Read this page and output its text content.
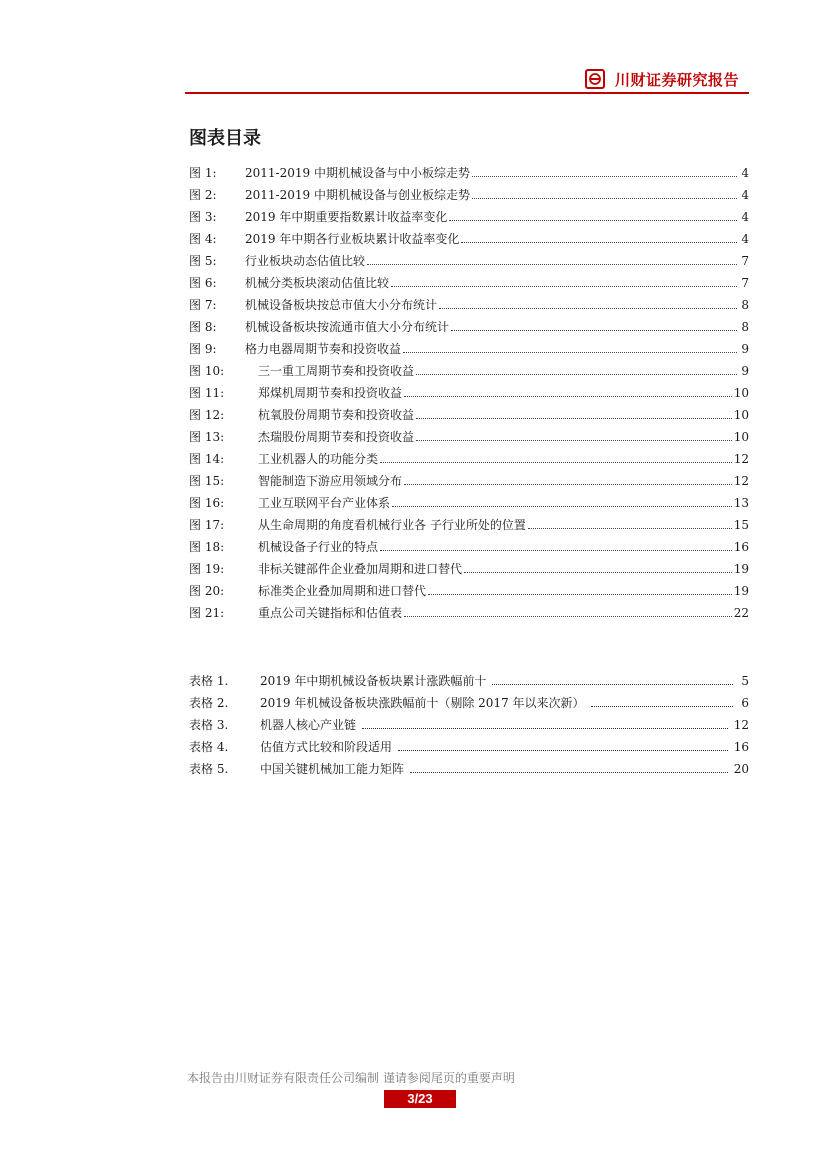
川财证券研究报告
图表目录
图 1:	2011-2019 中期机械设备与中小板综走势	4
图 2:	2011-2019 中期机械设备与创业板综走势	4
图 3:	2019 年中期重要指数累计收益率变化	4
图 4:	2019 年中期各行业板块累计收益率变化	4
图 5:	行业板块动态估值比较	7
图 6:	机械分类板块滚动估值比较	7
图 7:	机械设备板块按总市值大小分布统计	8
图 8:	机械设备板块按流通市值大小分布统计	8
图 9:	格力电器周期节奏和投资收益	9
图 10:	三一重工周期节奏和投资收益	9
图 11:	郑煤机周期节奏和投资收益	10
图 12:	杭氧股份周期节奏和投资收益	10
图 13:	杰瑞股份周期节奏和投资收益	10
图 14:	工业机器人的功能分类	12
图 15:	智能制造下游应用领域分布	12
图 16:	工业互联网平台产业体系	13
图 17:	从生命周期的角度看机械行业各 子行业所处的位置	15
图 18:	机械设备子行业的特点	16
图 19:	非标关键部件企业叠加周期和进口替代	19
图 20:	标准类企业叠加周期和进口替代	19
图 21:	重点公司关键指标和估值表	22
表格 1.	2019 年中期机械设备板块累计涨跌幅前十	5
表格 2.	2019 年机械设备板块涨跌幅前十（剔除 2017 年以来次新）	6
表格 3.	机器人核心产业链	12
表格 4.	估值方式比较和阶段适用	16
表格 5.	中国关键机械加工能力矩阵	20

本报告由川财证券有限责任公司编制 谨请参阅尾页的重要声明

3/23
